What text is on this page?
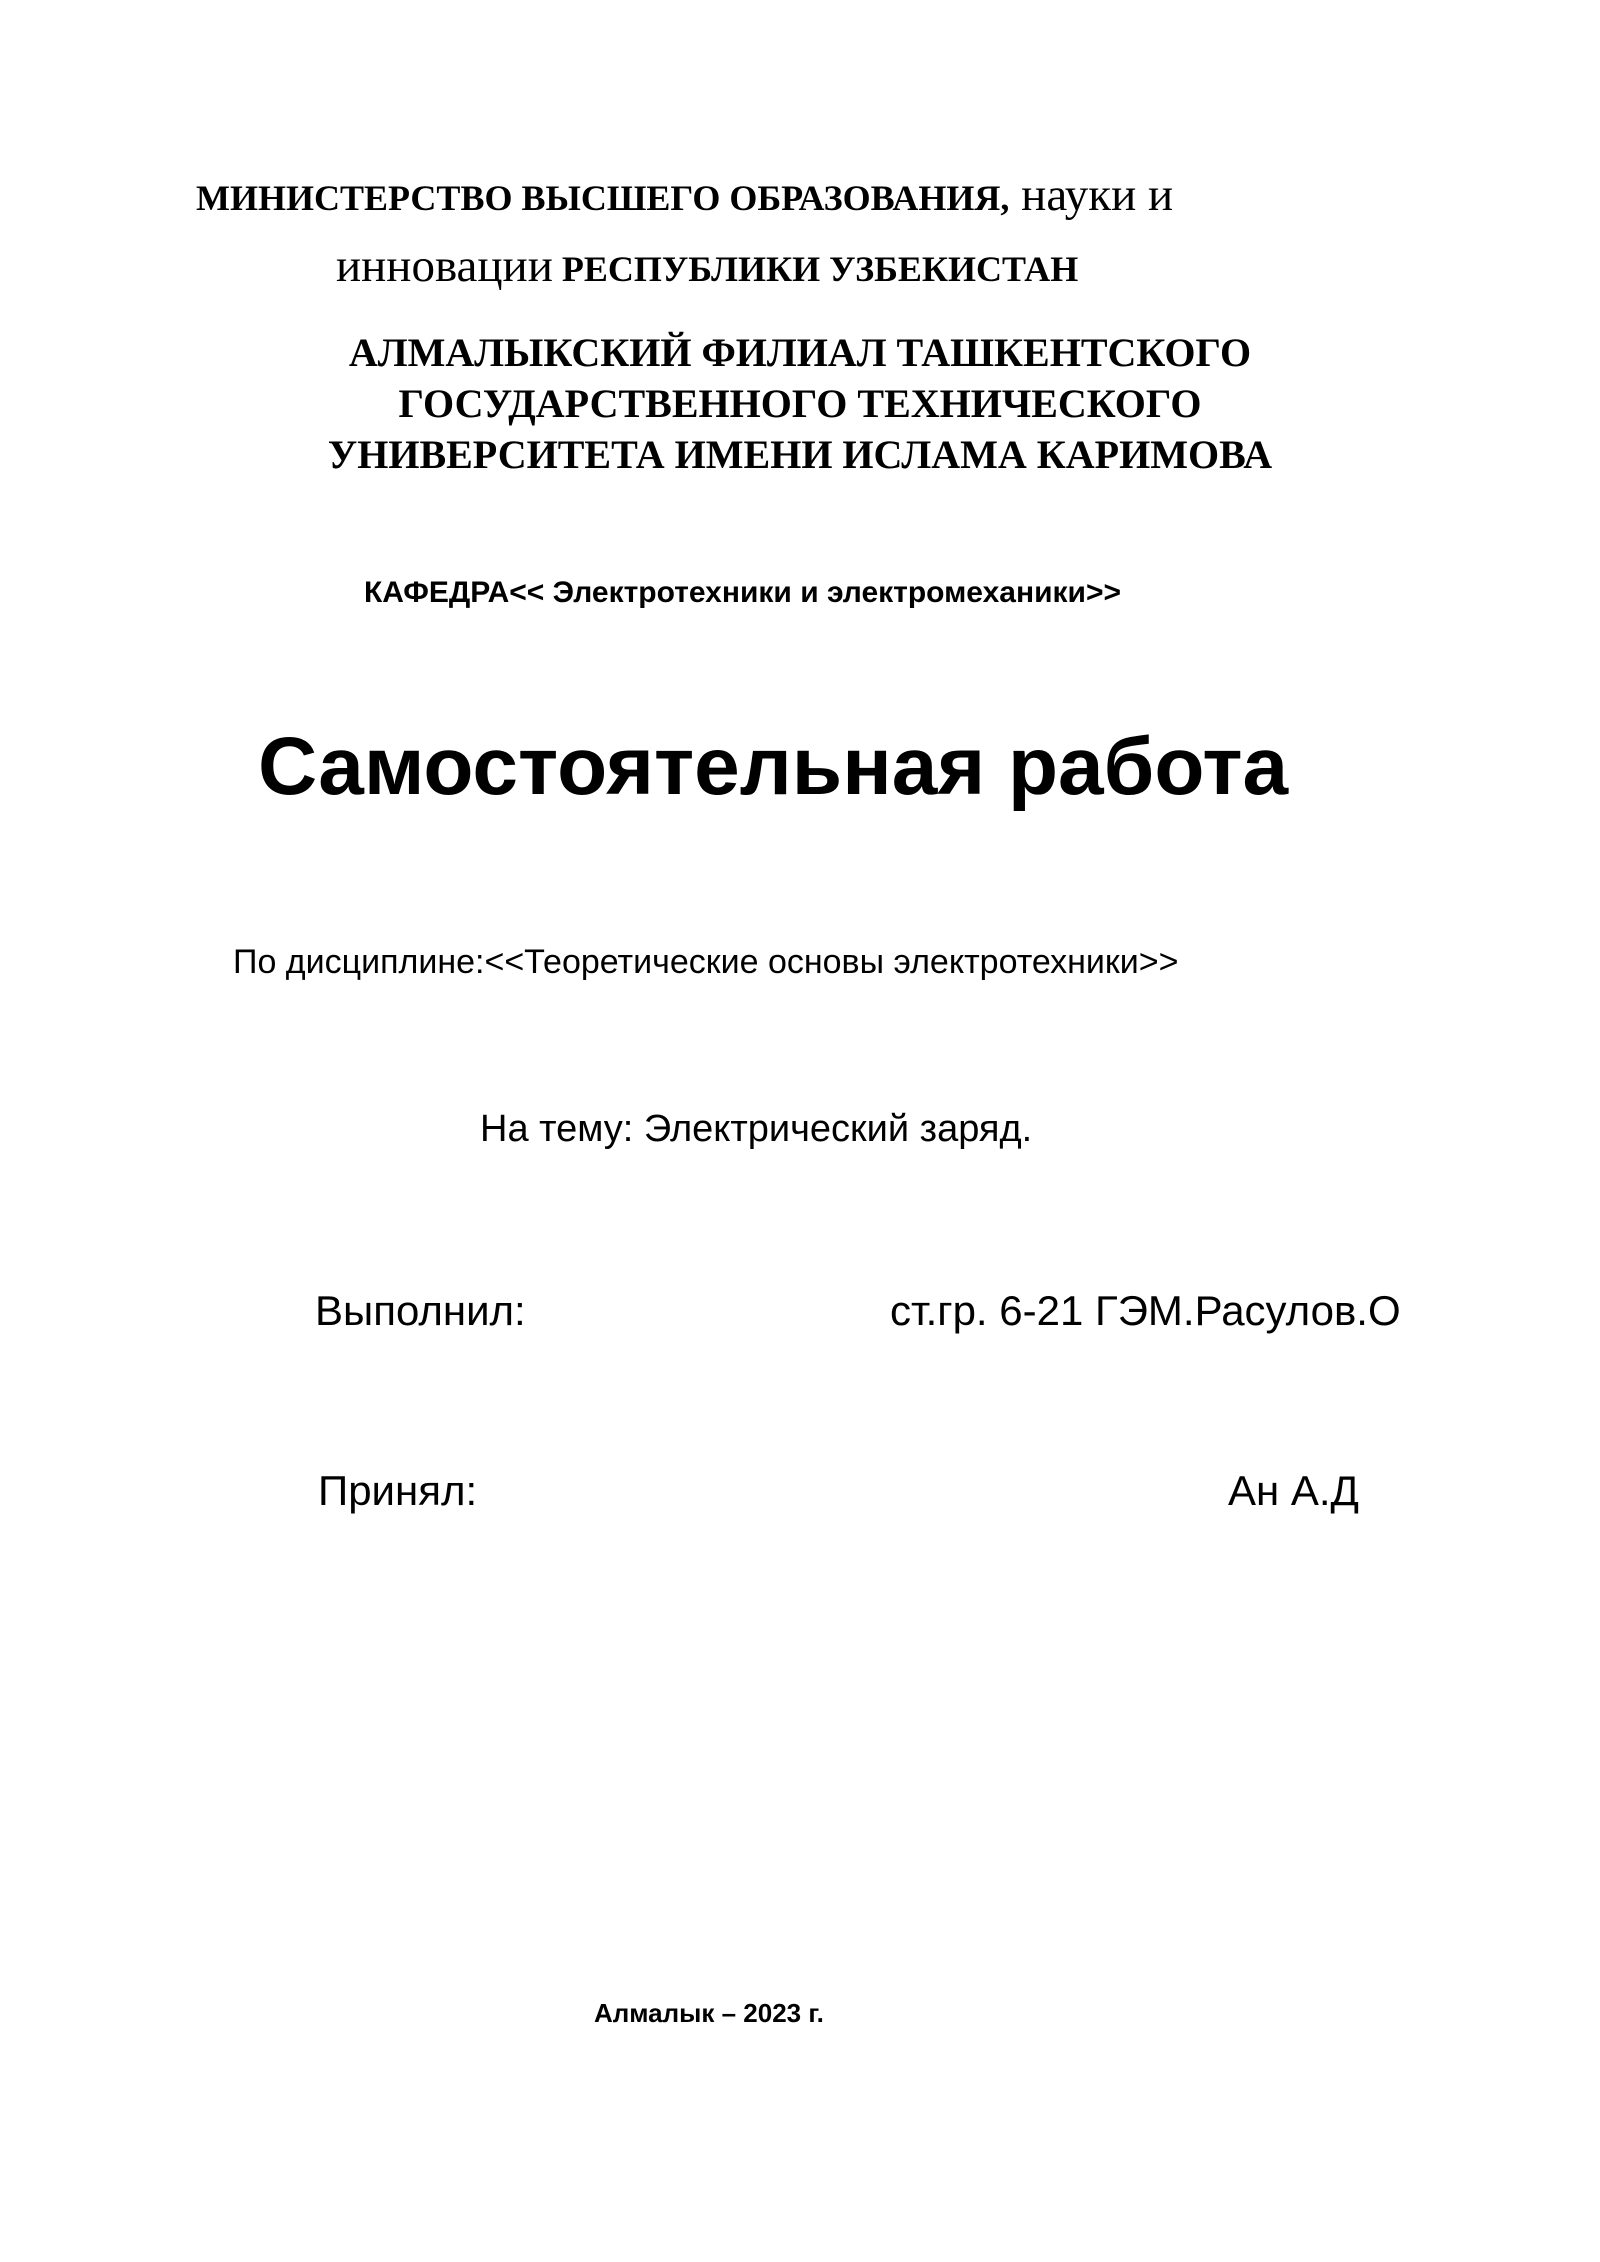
МИНИСТЕРСТВО ВЫСШЕГО ОБРАЗОВАНИЯ, науки и
инновации РЕСПУБЛИКИ УЗБЕКИСТАН
АЛМАЛЫКСКИЙ ФИЛИАЛ ТАШКЕНТСКОГО
ГОСУДАРСТВЕННОГО ТЕХНИЧЕСКОГО
УНИВЕРСИТЕТА ИМЕНИ ИСЛАМА КАРИМОВА
КАФЕДРА<< Электротехники и электромеханики>>
Самостоятельная работа
По дисциплине:<<Теоретические основы электротехники>>
На тему: Электрический заряд.
Выполнил:	ст.гр. 6-21 ГЭМ.Расулов.О
Принял:	Ан А.Д
Алмалык – 2023 г.
